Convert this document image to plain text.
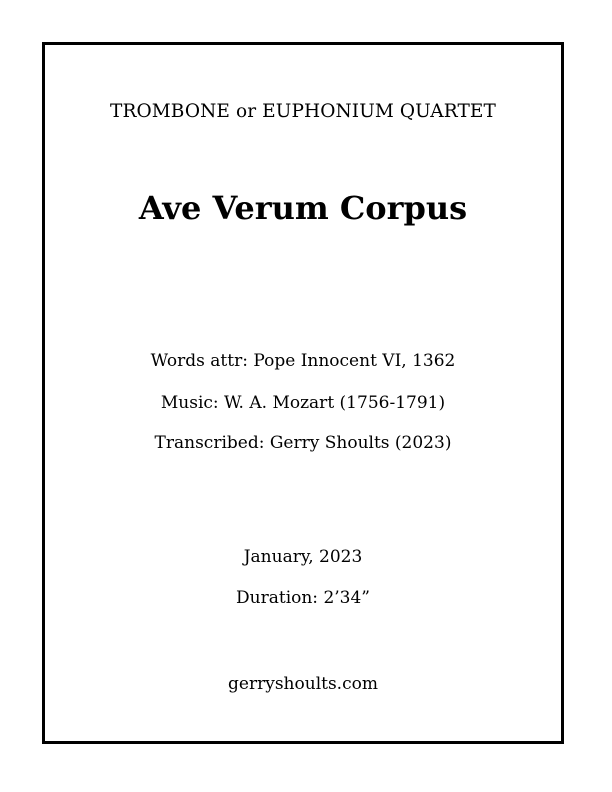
TROMBONE or EUPHONIUM QUARTET
Ave Verum Corpus
Words attr: Pope Innocent VI, 1362
Music: W. A. Mozart (1756-1791)
Transcribed: Gerry Shoults (2023)
January, 2023
Duration: 2’34”
gerryshoults.com
